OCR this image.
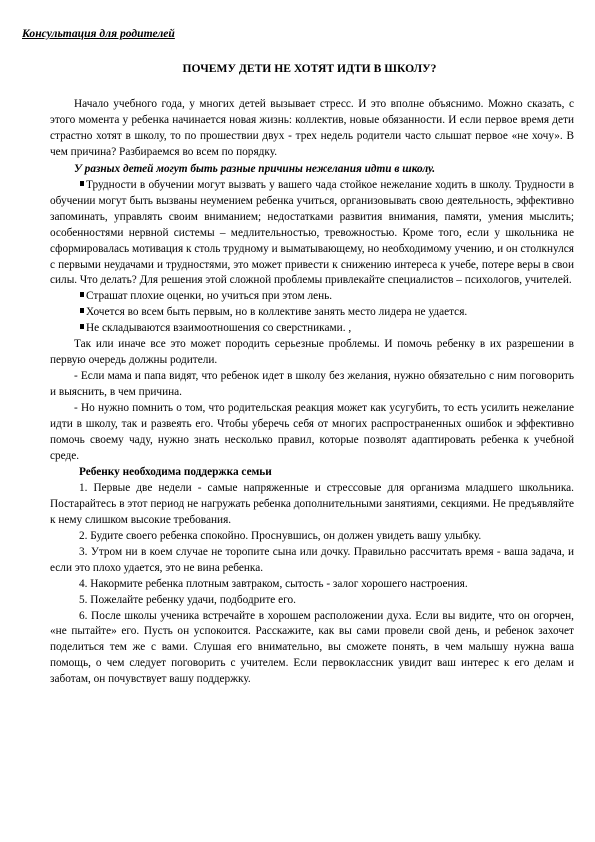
Консультация для родителей
ПОЧЕМУ ДЕТИ НЕ ХОТЯТ ИДТИ В ШКОЛУ?

Начало учебного года, у многих детей вызывает стресс. И это вполне объяснимо. Можно сказать, с этого момента у ребенка начинается новая жизнь: коллектив, новые обязанности. И если первое время дети страстно хотят в школу, то по прошествии двух - трех недель родители часто слышат первое «не хочу». В чем причина? Разбираемся во всем по порядку.

У разных детей могут быть разные причины нежелания идти в школу.

Трудности в обучении могут вызвать у вашего чада стойкое нежелание ходить в школу. Трудности в обучении могут быть вызваны неумением ребенка учиться, организовывать свою деятельность, эффективно запоминать, управлять своим вниманием; недостатками развития внимания, памяти, умения мыслить; особенностями нервной системы – медлительностью, тревожностью. Кроме того, если у школьника не сформировалась мотивация к столь трудному и выматывающему, но необходимому учению, и он столкнулся с первыми неудачами и трудностями, это может привести к снижению интереса к учебе, потере веры в свои силы. Что делать? Для решения этой сложной проблемы привлекайте специалистов – психологов, учителей.

Страшат плохие оценки, но учиться при этом лень.

Хочется во всем быть первым, но в коллективе занять место лидера не удается.

Не складываются взаимоотношения со сверстниками. ,

Так или иначе все это может породить серьезные проблемы. И помочь ребенку в их разрешении в первую очередь должны родители.

- Если мама и папа видят, что ребенок идет в школу без желания, нужно обязательно с ним поговорить и выяснить, в чем причина.

- Но нужно помнить о том, что родительская реакция может как усугубить, то есть усилить нежелание идти в школу, так и развеять его. Чтобы уберечь себя от многих распространенных ошибок и эффективно помочь своему чаду, нужно знать несколько правил, которые позволят адаптировать ребенка к учебной среде.

Ребенку необходима поддержка семьи

1. Первые две недели - самые напряженные и стрессовые для организма младшего школьника. Постарайтесь в этот период не нагружать ребенка дополнительными занятиями, секциями. Не предъявляйте к нему слишком высокие требования.

2. Будите своего ребенка спокойно. Проснувшись, он должен увидеть вашу улыбку.

3. Утром ни в коем случае не торопите сына или дочку. Правильно рассчитать время - ваша задача, и если это плохо удается, это не вина ребенка.

4. Накормите ребенка плотным завтраком, сытость - залог хорошего настроения.

5. Пожелайте ребенку удачи, подбодрите его.

6. После школы ученика встречайте в хорошем расположении духа. Если вы видите, что он огорчен, «не пытайте» его. Пусть он успокоится. Расскажите, как вы сами провели свой день, и ребенок захочет поделиться тем же с вами. Слушая его внимательно, вы сможете понять, в чем малышу нужна ваша помощь, о чем следует поговорить с учителем. Если первоклассник увидит ваш интерес к его делам и заботам, он почувствует вашу поддержку.
